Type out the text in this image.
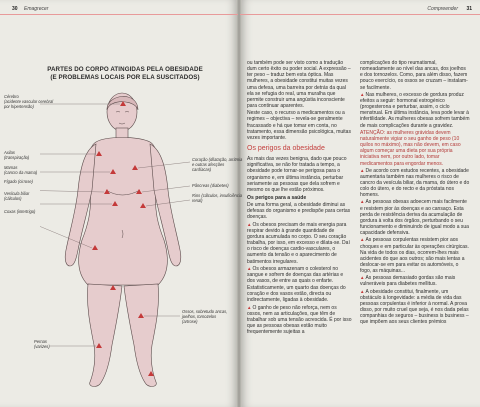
30 Emagrecer	Compreender 31
PARTES DO CORPO ATINGIDAS PELA OBESIDADE
(E PROBLEMAS LOCAIS POR ELA SUSCITADOS)
Cérebro
(acidente vascular cerebral
por hipertensão)
Axilas
(transpiração)
Mamas
(cancro da mama)
Fígado (cirrose)
Vesícula biliar
(cálculos)
Coxas (intertrigo)
Coração (dilatação, arritmia
e outras afecções
cardíacas)
Pâncreas (diabetes)
Rins (cálculos, insuficiência
renal)
Ossos, sobretudo ancas,
joelhos, tornozelos
(artrose)
Pernas
(varizes)

ou também pode ser visto como a tradução dum certo êxito ou poder social. A expressão – ter peso – traduz bem esta óptica. Mas mulheres, a obesidade constitui muitas vezes uma defesa, uma barreira por detrás da qual ela se refugia do real, uma muralha que permite construir uma angústia inconsciente para continuar aparentes.

Neste caso, o recurso a medicamentos ou a regimes – objectiva – revela-se geralmente fracassado e há que tomar em conta, no tratamento, essa dimensão psicológica, muitas vezes importante.

Os perigos da obesidade

As mais das vezes benigna, dado que pouco significativa, se não for tratada a tempo, a obesidade pode tornar-se perigosa para o organismo e, em última instância, perturbar seriamente as pessoas que dela sofrem e mesmo os que lhe estão próximos.

Os perigos para a saúde

De uma forma geral, a obesidade diminui as defesas do organismo e predispõe para certas doenças.

▲Os obesos precisam de mais energia para respirar devido à grande quantidade de gordura acumulada no corpo. O seu coração trabalha, por isso, em excesso e dilata-se. Daí o risco de doenças cardio-vasculares, o aumento da tensão e o aparecimento de batimentos irregulares.

▲Os obesos armazenam o colesterol no sangue e sofrem de doenças das artérias e dos vasos, de entre as quais o enfarte.

Estatisticamente, um quarto das doenças do coração e dos vasos estão, directa ou indirectamente, ligadas à obesidade.

▲O ganho de peso não reforça, nem os ossos, nem as articulações, que têm de trabalhar sob uma tensão acrescida. É por isso que as pessoas obesas estão muito frequentemente sujeitas a

complicações do tipo reumatismal, nomeadamente ao nível das ancas, dos joelhos e dos tornozelos. Como, para além disso, fazem pouco exercício, os ossos se cruzam – instalam-se facilmente.

▲Nas mulheres, o excesso de gordura produz efeitos a seguir: hormonal estrogénico (progesterona e perturbar, assim, o ciclo menstrual. Em última instância, leva pode levar à infertilidade. As mulheres obesas sofrem também de mais complicações durante a gravidez.

ATENÇÃO: as mulheres grávidas devem naturalmente vigiar o seu ganho de peso (10 quilos no máximo), mas não devem, em caso algum começar uma dieta por sua própria iniciativa nem, por outro lado, tomar medicamentos para engordar menos.

▲De acordo com estudos recentes, a obesidade aumentaria também nas mulheres o risco de cancro da vesícula biliar, da mama, do útero e do colo do útero, e do recto e da próstata nos homens.

▲As pessoas obesas adoecem mais facilmente e resistem pior às doenças e ao cansaço. Esta perda de resistência deriva da acumulação de gordura à volta dos órgãos, perturbando o seu funcionamento e diminuindo de igual modo a sua capacidade defensiva.

▲As pessoas corpulentas resistem pior aos choques e em particular às operações cirúrgicas. Na vida de todos os dias, ocorrem-lhes mais acidentes do que aos outros; são mais lentas a deslocar-se em para evitar os automóveis, o fogo, as máquinas...

▲As pessoas demasiado gordas são mais vulneráveis para diabetes mellitus.

▲A obesidade constitui, finalmente, um obstáculo à longevidade: a média de vida das pessoas corpulentas é inferior à normal. A prova disso, por muito cruel que seja, é nos dada pelas companhias de seguros – business is business – que impõem aos seus clientes prémios
